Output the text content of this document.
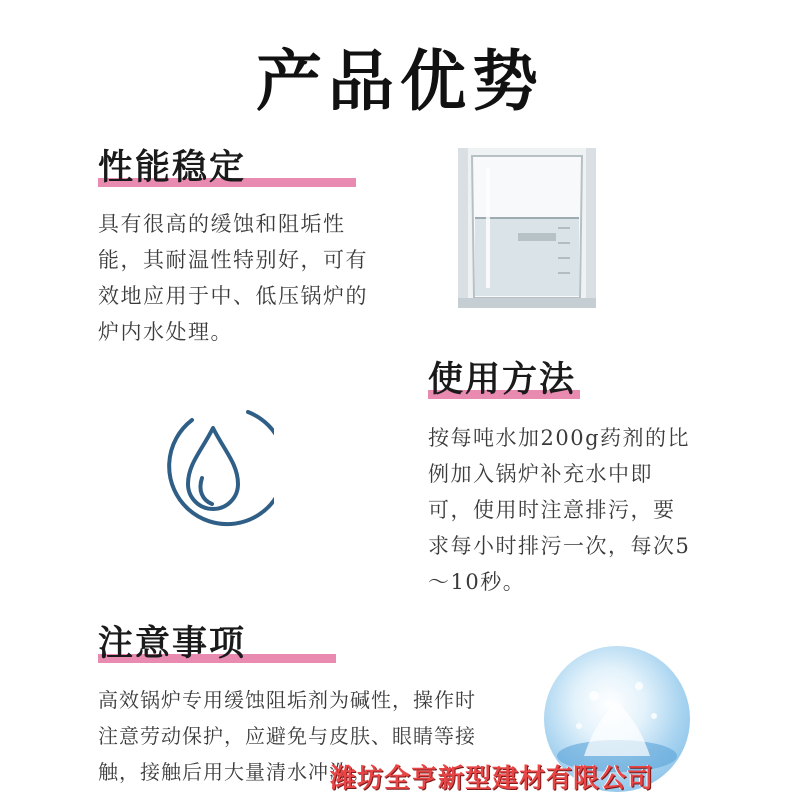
产品优势
性能稳定
具有很高的缓蚀和阻垢性
能，其耐温性特别好，可有
效地应用于中、低压锅炉的
炉内水处理。
使用方法
按每吨水加200g药剂的比
例加入锅炉补充水中即
可，使用时注意排污，要
求每小时排污一次，每次5
～10秒。
注意事项
高效锅炉专用缓蚀阻垢剂为碱性，操作时
注意劳动保护，应避免与皮肤、眼睛等接
触，接触后用大量清水冲洗。
潍坊全亨新型建材有限公司
